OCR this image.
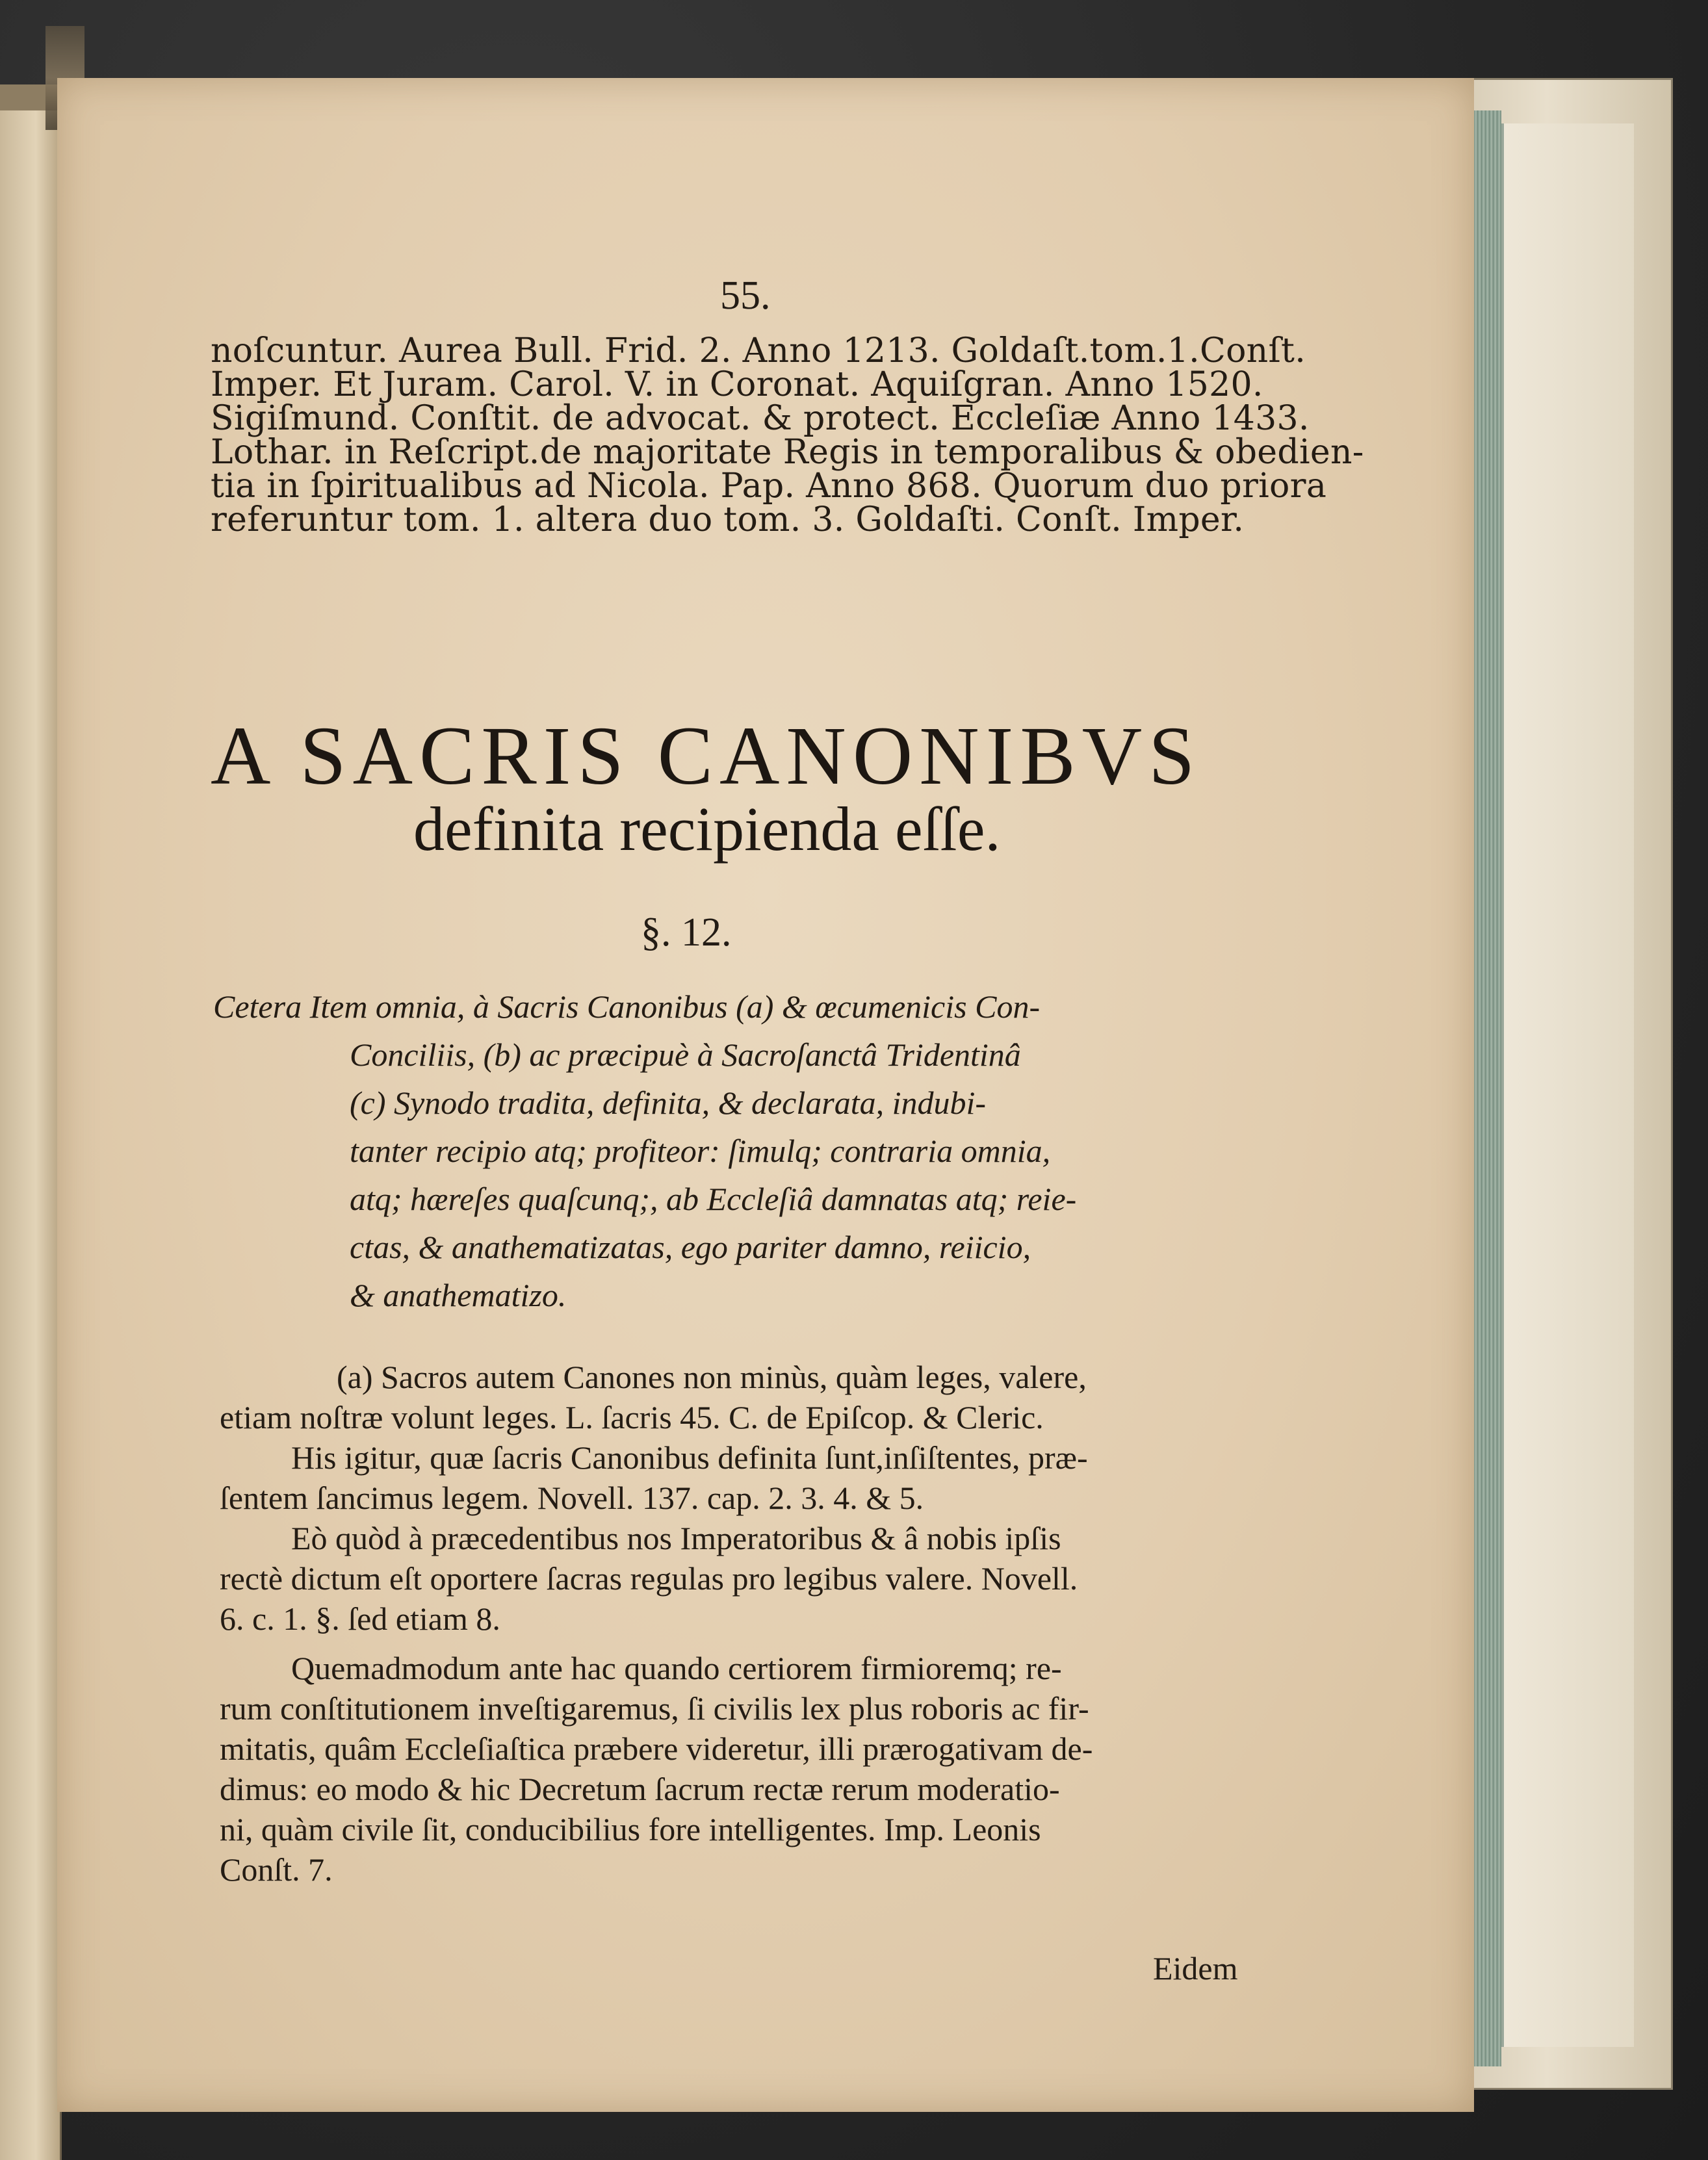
55.
noſcuntur. Aurea Bull. Frid. 2. Anno 1213. Goldaſt.tom.1.Conſt.
Imper. Et Juram. Carol. V. in Coronat. Aquiſgran. Anno 1520.
Sigiſmund. Conſtit. de advocat. & protect. Eccleſiæ Anno 1433.
Lothar. in Reſcript.de majoritate Regis in temporalibus & obedien-
tia in ſpiritualibus ad Nicola. Pap. Anno 868. Quorum duo priora
referuntur tom. 1. altera duo tom. 3. Goldaſti. Conſt. Imper.
A SACRIS CANONIBVS
definita recipienda eſſe.
§. 12.
Cetera Item omnia, à Sacris Canonibus (a) & œcumenicis Con-
Conciliis, (b) ac præcipuè à Sacroſanctâ Tridentinâ
(c) Synodo tradita, definita, & declarata, indubi-
tanter recipio atq; profiteor: ſimulq; contraria omnia,
atq; hæreſes quaſcunq;, ab Eccleſiâ damnatas atq; reie-
ctas, & anathematizatas, ego pariter damno, reiicio,
& anathematizo.
(a) Sacros autem Canones non minùs, quàm leges, valere,
etiam noſtræ volunt leges. L. ſacris 45. C. de Epiſcop. & Cleric.
His igitur, quæ ſacris Canonibus definita ſunt,inſiſtentes, præ-
ſentem ſancimus legem. Novell. 137. cap. 2. 3. 4. & 5.
Eò quòd à præcedentibus nos Imperatoribus & â nobis ipſis
rectè dictum eſt oportere ſacras regulas pro legibus valere. Novell.
6. c. 1. §. ſed etiam 8.
Quemadmodum ante hac quando certiorem firmioremq; re-
rum conſtitutionem inveſtigaremus, ſi civilis lex plus roboris ac fir-
mitatis, quâm Eccleſiaſtica præbere videretur, illi prærogativam de-
dimus: eo modo & hic Decretum ſacrum rectæ rerum moderatio-
ni, quàm civile ſit, conducibilius fore intelligentes. Imp. Leonis
Conſt. 7.
Eidem
